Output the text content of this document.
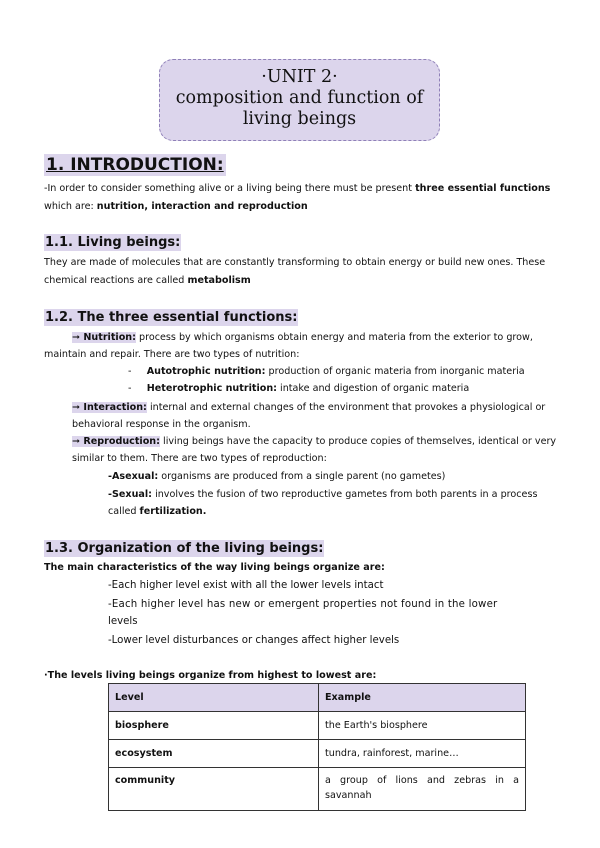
·UNIT 2·
composition and function of
living beings
1. INTRODUCTION:
-In order to consider something alive or a living being there must be present three essential functions
which are: nutrition, interaction and reproduction
1.1. Living beings:
They are made of molecules that are constantly transforming to obtain energy or build new ones. These
chemical reactions are called metabolism
1.2. The three essential functions:
➞ Nutrition: process by which organisms obtain energy and materia from the exterior to grow,
maintain and repair. There are two types of nutrition:
-     Autotrophic nutrition: production of organic materia from inorganic materia
-     Heterotrophic nutrition: intake and digestion of organic materia
➞ Interaction: internal and external changes of the environment that provokes a physiological or
behavioral response in the organism.
➞ Reproduction: living beings have the capacity to produce copies of themselves, identical or very
similar to them. There are two types of reproduction:
-Asexual: organisms are produced from a single parent (no gametes)
-Sexual: involves the fusion of two reproductive gametes from both parents in a process
called fertilization.
1.3. Organization of the living beings:
The main characteristics of the way living beings organize are:
-Each higher level exist with all the lower levels intact
-Each higher level has new or emergent properties not found in the lower
levels
-Lower level disturbances or changes affect higher levels
·The levels living beings organize from highest to lowest are:
Level	Example
biosphere	the Earth's biosphere
ecosystem	tundra, rainforest, marine…
community	a group of lions and zebras in a savannah
